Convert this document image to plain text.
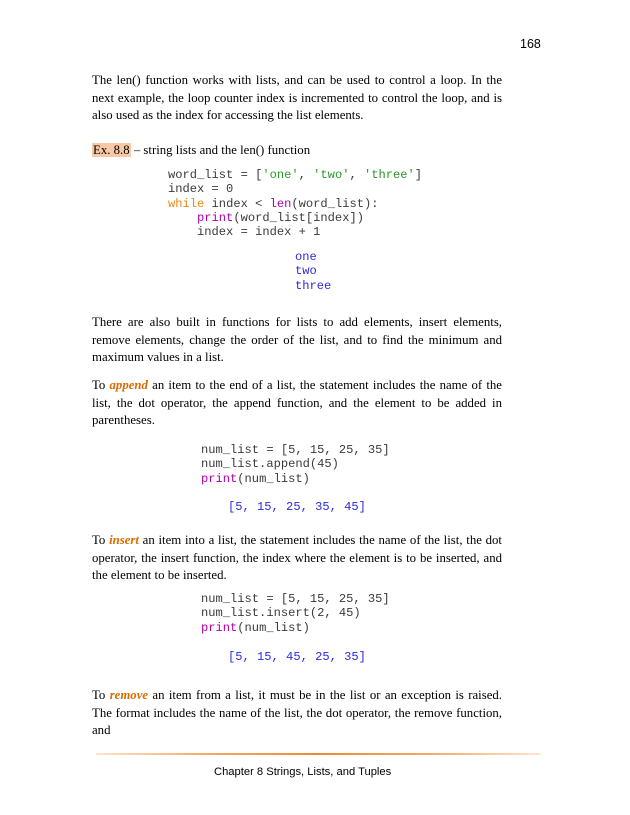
168

The len() function works with lists, and can be used to control a loop. In the next example, the loop counter index is incremented to control the loop, and is also used as the index for accessing the list elements.

Ex. 8.8 – string lists and the len() function
word_list = ['one', 'two', 'three']
index = 0
while index < len(word_list):
print(word_list[index])
index = index + 1
one
two
three

There are also built in functions for lists to add elements, insert elements, remove elements, change the order of the list, and to find the minimum and maximum values in a list.

To append an item to the end of a list, the statement includes the name of the list, the dot operator, the append function, and the element to be added in parentheses.

num_list = [5, 15, 25, 35]
num_list.append(45)
print(num_list)
[5, 15, 25, 35, 45]

To insert an item into a list, the statement includes the name of the list, the dot operator, the insert function, the index where the element is to be inserted, and the element to be inserted.

num_list = [5, 15, 25, 35]
num_list.insert(2, 45)
print(num_list)
[5, 15, 45, 25, 35]

To remove an item from a list, it must be in the list or an exception is raised. The format includes the name of the list, the dot operator, the remove function, and

Chapter 8 Strings, Lists, and Tuples
